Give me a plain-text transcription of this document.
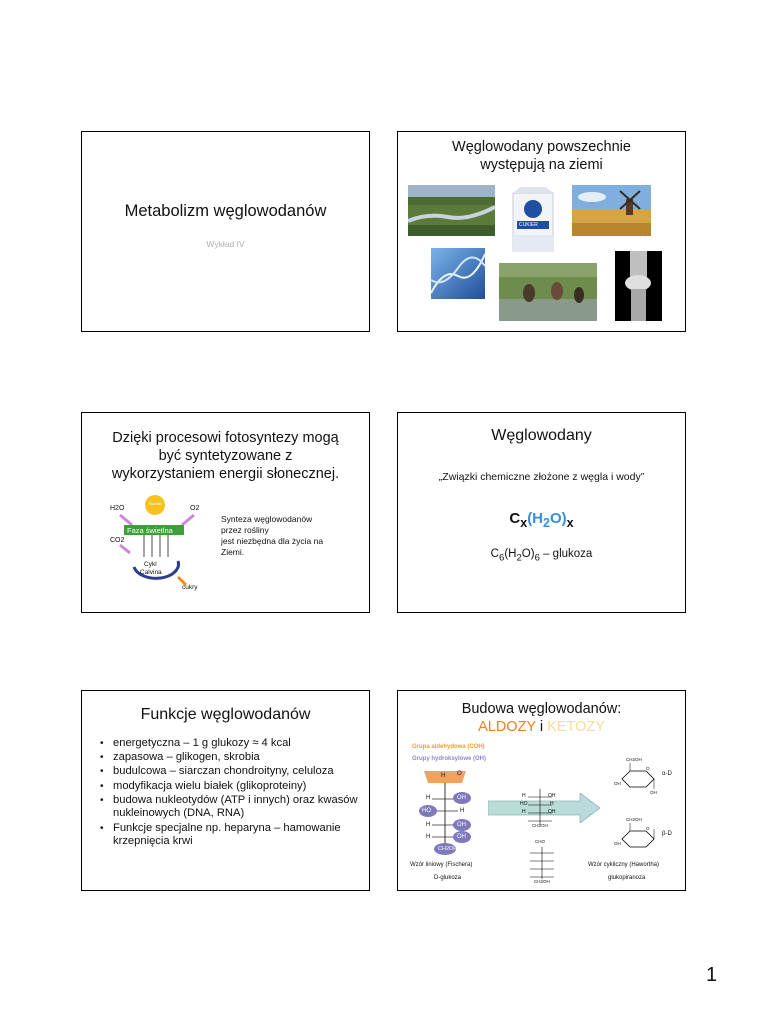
Metabolizm węglowodanów
Wykład IV
Węglowodany powszechnie
występują na ziemi
CUKIER
Dzięki procesowi fotosyntezy mogą
być syntetyzowane z
wykorzystaniem energii słonecznej.
Światło
H2O	O2
Faza świetlna
CO2
Cykl
Calvina
cukry
Synteza węglowodanów
przez rośliny
jest niezbędna dla życia na
Ziemi.
Węglowodany
„Związki chemiczne złożone z węgla i wody”
$C_x(H_2O)_x$
$C_6(H_2O)_6$ – glukoza
Funkcje węglowodanów
• energetyczna – 1 g glukozy ≈ 4 kcal
• zapasowa – glikogen, skrobia
• budulcowa – siarczan chondroityny, celuloza
• modyfikacja wielu białek (glikoproteiny)
• budowa nukleotydów (ATP i innych) oraz kwasów nukleinowych (DNA, RNA)
• Funkcje specjalne np. heparyna – hamowanie krzepnięcia krwi
Budowa węglowodanów:
ALDOZY i KETOZY
Grupa aldehydowa (COH)
Grupy hydroksylowe (OH)
H O
H	OH
HO	H
H	OH
H	OH
CH2OH
H	OH
HO	H
H	OH
CH2OH
CHO
CH2OH
CH2OH
O
OH
OH
α-D
CH2OH
O
OH
β-D
Wzór liniowy (Fischera)
D-glukoza
Wzór cykliczny (Hawortha)
glukopiranoza
1
